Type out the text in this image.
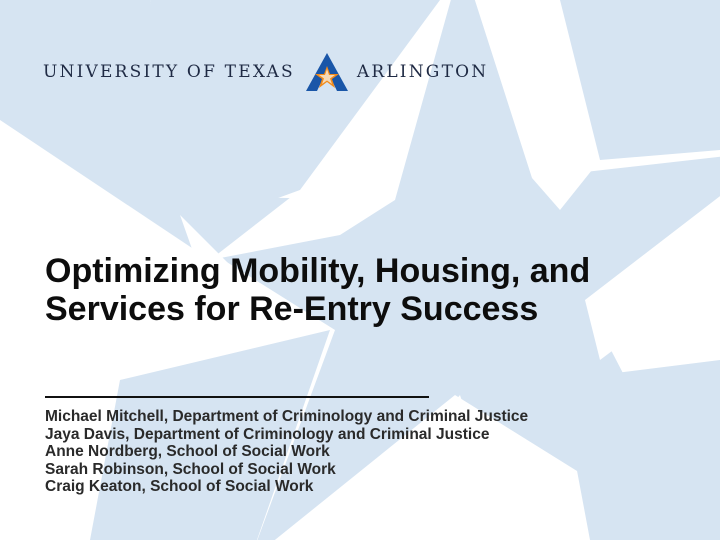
UNIVERSITY OF TEXAS	ARLINGTON
Optimizing Mobility, Housing, and
Services for Re-Entry Success
Michael Mitchell, Department of Criminology and Criminal Justice
Jaya Davis, Department of Criminology and Criminal Justice
Anne Nordberg, School of Social Work
Sarah Robinson, School of Social Work
Craig Keaton, School of Social Work
